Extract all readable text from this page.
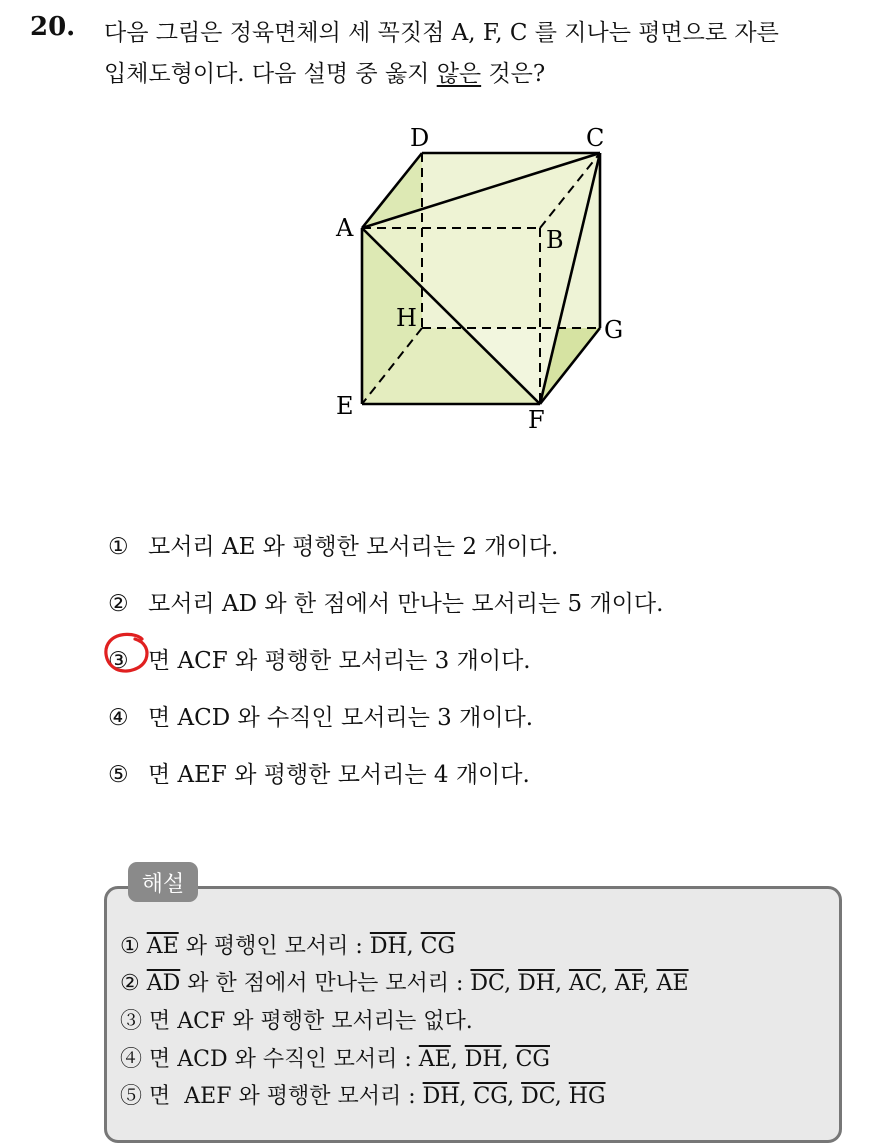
20. 다음 그림은 정육면체의 세 꼭짓점 A, F, C 를 지나는 평면으로 자른
입체도형이다. 다음 설명 중 옳지 않은 것은?
D	C
A	B
H	G
E	F
① 모서리 AE 와 평행한 모서리는 2 개이다.
② 모서리 AD 와 한 점에서 만나는 모서리는 5 개이다.
③ 면 ACF 와 평행한 모서리는 3 개이다.
④ 면 ACD 와 수직인 모서리는 3 개이다.
⑤ 면 AEF 와 평행한 모서리는 4 개이다.
해설
① $\overline{AE}$ 와 평행인 모서리 : $\overline{DH}$, $\overline{CG}$
② $\overline{AD}$ 와 한 점에서 만나는 모서리 : $\overline{DC}$, $\overline{DH}$, $\overline{AC}$, $\overline{AF}$, $\overline{AE}$
③ 면 ACF 와 평행한 모서리는 없다.
④ 면 ACD 와 수직인 모서리 : $\overline{AE}$, $\overline{DH}$, $\overline{CG}$
⑤ 면  AEF 와 평행한 모서리 : $\overline{DH}$, $\overline{CG}$, $\overline{DC}$, $\overline{HG}$
